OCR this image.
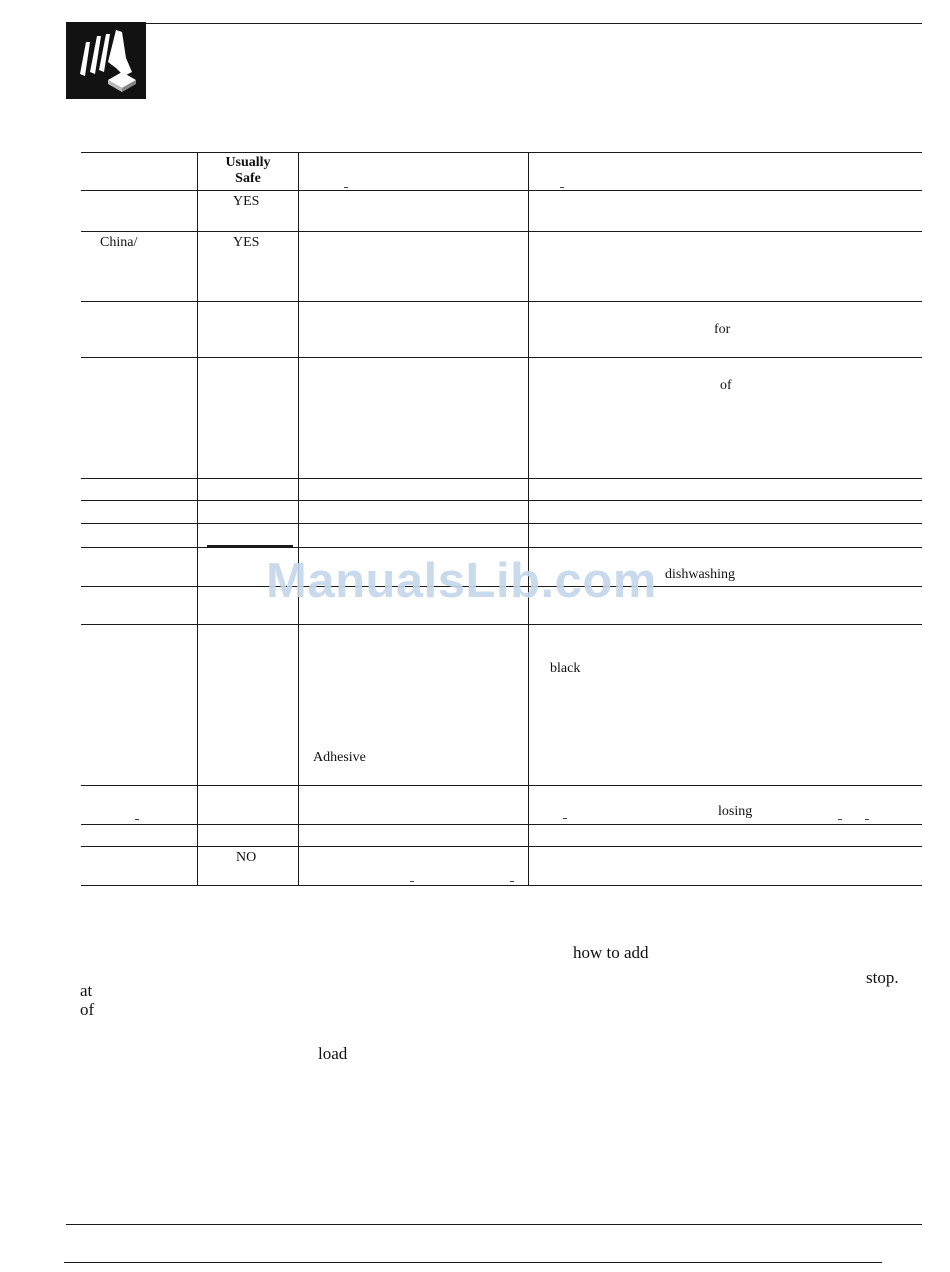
Usually
Safe
YES
China/	YES
for
of
dishwashing
black
Adhesive
losing
NO
ManualsLib.com
how to add
stop.
at
of
load
